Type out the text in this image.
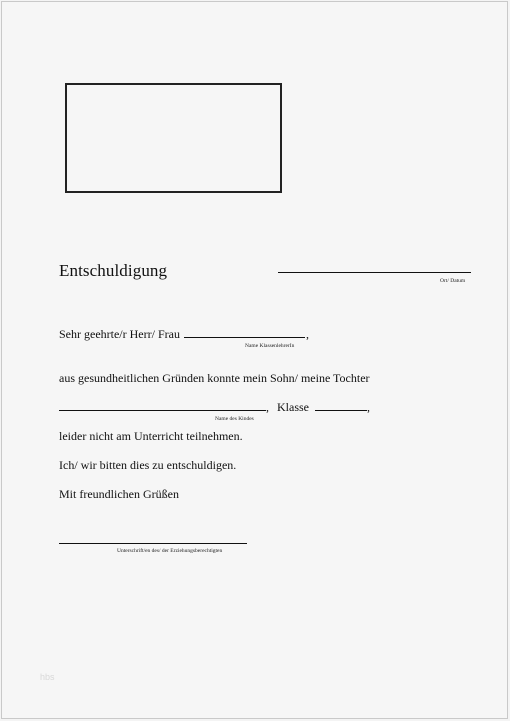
Entschuldigung
Ort/ Datum
Sehr geehrte/r Herr/ Frau	,
Name KlassenlehrerIn
aus gesundheitlichen Gründen konnte mein Sohn/ meine Tochter
, Klasse	,
Name des Kindes
leider nicht am Unterricht teilnehmen.
Ich/ wir bitten dies zu entschuldigen.
Mit freundlichen Grüßen
Unterschrift/en des/ der Erziehungsberechtigten
hbs
